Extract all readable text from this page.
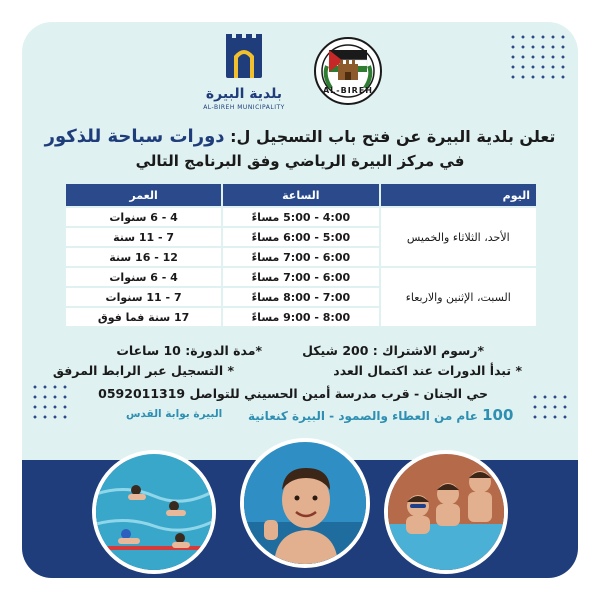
AL-BIREH
بلدية البيرة
AL-BIREH MUNICIPALITY
تعلن بلدية البيرة عن فتح باب التسجيل ل: دورات سباحة للذكور
في مركز البيرة الرياضي وفق البرنامج التالي
اليوم	الساعة	العمر
الأحد، الثلاثاء والخميس	4:00 - 5:00 مساءً	4 - 6 سنوات
	5:00 - 6:00 مساءً	7 - 11 سنة
	6:00 - 7:00 مساءً	12 - 16 سنة
السبت، الإثنين والاربعاء	6:00 - 7:00 مساءً	4 - 6 سنوات
	7:00 - 8:00 مساءً	7 - 11 سنوات
	8:00 - 9:00 مساءً	17 سنة فما فوق
*رسوم الاشتراك : 200 شيكل
*مدة الدورة: 10 ساعات
* تبدأ الدورات عند اكتمال العدد
* التسجيل عبر الرابط المرفق
حي الجنان - قرب مدرسة أمين الحسيني للتواصل 0592011319
100 عام من العطاء والصمود - البيرة كنعانية
البيرة بوابة القدس
